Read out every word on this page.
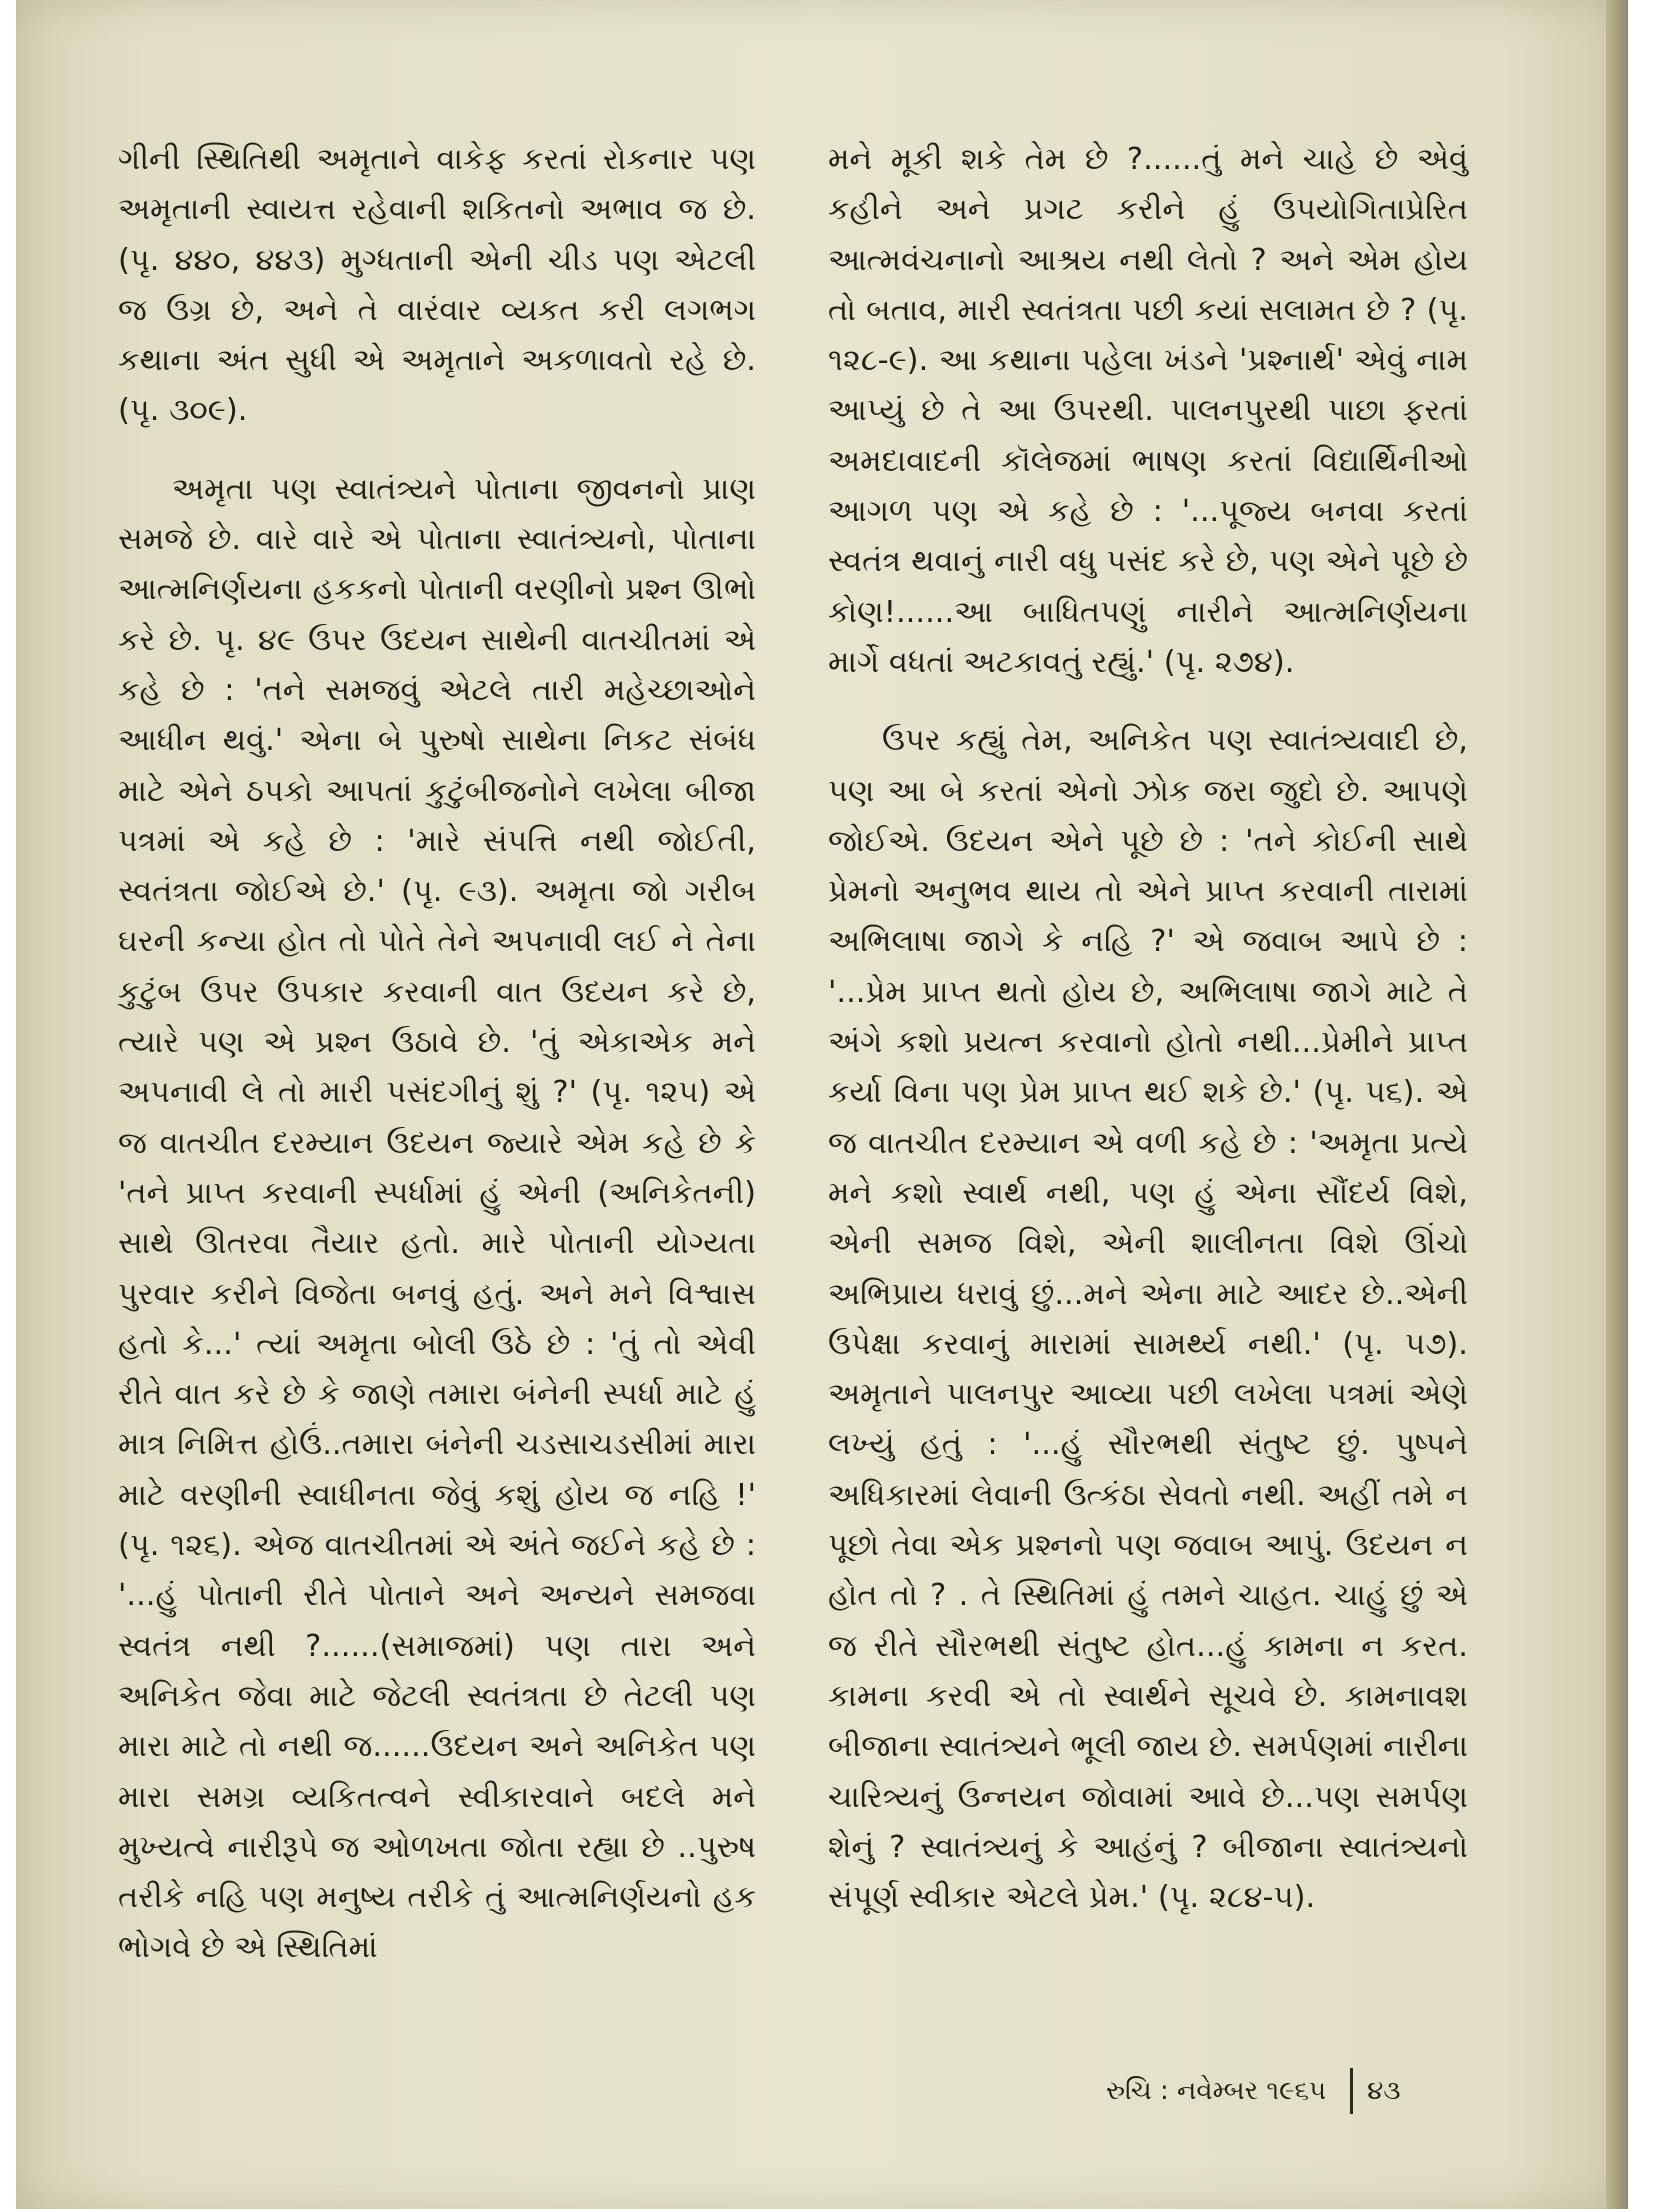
ગીની સ્થિતિથી અમૃતાને વાકેફ કરતાં રોકનાર પણ અમૃતાની સ્વાયત્ત રહેવાની શકિતનો અભાવ જ છે. (પૃ. ૪૪૦, ૪૪૩) મુગ્ધતાની એની ચીડ પણ એટલી જ ઉગ્ર છે, અને તે વારંવાર વ્યકત કરી લગભગ કથાના અંત સુધી એ અમૃતાને અકળાવતો રહે છે. (પૃ. ૩૦૯).

અમૃતા પણ સ્વાતંત્ર્યને પોતાના જીવનનો પ્રાણ સમજે છે. વારે વારે એ પોતાના સ્વાતંત્ર્યનો, પોતાના આત્મનિર્ણયના હકકનો પોતાની વરણીનો પ્રશ્ન ઊભો કરે છે. પૃ. ૪૯ ઉપર ઉદયન સાથેની વાતચીતમાં એ કહે છે : 'તને સમજવું એટલે તારી મહેચ્છાઓને આધીન થવું.' એના બે પુરુષો સાથેના નિકટ સંબંધ માટે એને ઠપકો આપતાં કુટુંબીજનોને લખેલા બીજા પત્રમાં એ કહે છે : 'મારે સંપત્તિ નથી જોઈતી, સ્વતંત્રતા જોઈએ છે.' (પૃ. ૯૩). અમૃતા જો ગરીબ ઘરની કન્યા હોત તો પોતે તેને અપનાવી લઈ ને તેના કુટુંબ ઉપર ઉપકાર કરવાની વાત ઉદયન કરે છે, ત્યારે પણ એ પ્રશ્ન ઉઠાવે છે. 'તું એકાએક મને અપનાવી લે તો મારી પસંદગીનું શું ?' (પૃ. ૧૨૫) એ જ વાતચીત દરમ્યાન ઉદયન જ્યારે એમ કહે છે કે 'તને પ્રાપ્ત કરવાની સ્પર્ધામાં હું એની (અનિકેતની) સાથે ઊતરવા તૈયાર હતો. મારે પોતાની યોગ્યતા પુરવાર કરીને વિજેતા બનવું હતું. અને મને વિશ્વાસ હતો કે...' ત્યાં અમૃતા બોલી ઉઠે છે : 'તું તો એવી રીતે વાત કરે છે કે જાણે તમારા બંનેની સ્પર્ધા માટે હું માત્ર નિમિત્ત હોઉં..તમારા બંનેની ચડસાચડસીમાં મારા માટે વરણીની સ્વાધીનતા જેવું કશું હોય જ નહિ !' (પૃ. ૧૨૬). એજ વાતચીતમાં એ અંતે જઈને કહે છે : '...હું પોતાની રીતે પોતાને અને અન્યને સમજવા સ્વતંત્ર નથી ?......(સમાજમાં) પણ તારા અને અનિકેત જેવા માટે જેટલી સ્વતંત્રતા છે તેટલી પણ મારા માટે તો નથી જ......ઉદયન અને અનિકેત પણ મારા સમગ્ર વ્યકિતત્વને સ્વીકારવાને બદલે મને મુખ્યત્વે નારીરૂપે જ ઓળખતા જોતા રહ્યા છે ..પુરુષ તરીકે નહિ પણ મનુષ્ય તરીકે તું આત્મનિર્ણયનો હક ભોગવે છે એ સ્થિતિમાં

મને મૂકી શકે તેમ છે ?......તું મને ચાહે છે એવું કહીને અને પ્રગટ કરીને હું ઉપયોગિતાપ્રેરિત આત્મવંચનાનો આશ્રય નથી લેતો ? અને એમ હોય તો બતાવ, મારી સ્વતંત્રતા પછી કયાં સલામત છે ? (પૃ. ૧૨૮-૯). આ કથાના પહેલા ખંડને 'પ્રશ્નાર્થ' એવું નામ આપ્યું છે તે આ ઉપરથી. પાલનપુરથી પાછા ફરતાં અમદાવાદની કૉલેજમાં ભાષણ કરતાં વિદ્યાર્થિનીઓ આગળ પણ એ કહે છે : '...પૂજ્ય બનવા કરતાં સ્વતંત્ર થવાનું નારી વધુ પસંદ કરે છે, પણ એને પૂછે છે કોણ!......આ બાધિતપણું નારીને આત્મનિર્ણયના માર્ગે વધતાં અટકાવતું રહ્યું.' (પૃ. ૨૭૪).

ઉપર કહ્યું તેમ, અનિકેત પણ સ્વાતંત્ર્યવાદી છે, પણ આ બે કરતાં એનો ઝોક જરા જુદો છે. આપણે જોઈએ. ઉદયન એને પૂછે છે : 'તને કોઈની સાથે પ્રેમનો અનુભવ થાય તો એને પ્રાપ્ત કરવાની તારામાં અભિલાષા જાગે કે નહિ ?' એ જવાબ આપે છે : '...પ્રેમ પ્રાપ્ત થતો હોય છે, અભિલાષા જાગે માટે તે અંગે કશો પ્રયત્ન કરવાનો હોતો નથી...પ્રેમીને પ્રાપ્ત કર્યા વિના પણ પ્રેમ પ્રાપ્ત થઈ શકે છે.' (પૃ. ૫૬). એ જ વાતચીત દરમ્યાન એ વળી કહે છે : 'અમૃતા પ્રત્યે મને કશો સ્વાર્થ નથી, પણ હું એના સૌંદર્ય વિશે, એની સમજ વિશે, એની શાલીનતા વિશે ઊંચો અભિપ્રાય ધરાવું છું...મને એના માટે આદર છે..એની ઉપેક્ષા કરવાનું મારામાં સામર્થ્ય નથી.' (પૃ. ૫૭). અમૃતાને પાલનપુર આવ્યા પછી લખેલા પત્રમાં એણે લખ્યું હતું : '...હું સૌરભથી સંતુષ્ટ છું. પુષ્પને અધિકારમાં લેવાની ઉત્કંઠા સેવતો નથી. અહીં તમે ન પૂછો તેવા એક પ્રશ્નનો પણ જવાબ આપું. ઉદયન ન હોત તો ? . તે સ્થિતિમાં હું તમને ચાહત. ચાહું છું એ જ રીતે સૌરભથી સંતુષ્ટ હોત...હું કામના ન કરત. કામના કરવી એ તો સ્વાર્થને સૂચવે છે. કામનાવશ બીજાના સ્વાતંત્ર્યને ભૂલી જાય છે. સમર્પણમાં નારીના ચારિત્ર્યનું ઉન્નયન જોવામાં આવે છે...પણ સમર્પણ શેનું ? સ્વાતંત્ર્યનું કે આહંનું ? બીજાના સ્વાતંત્ર્યનો સંપૂર્ણ સ્વીકાર એટલે પ્રેમ.' (પૃ. ૨૮૪-૫).

રુચિ : નવેમ્બર ૧૯૬૫ ૪૩
